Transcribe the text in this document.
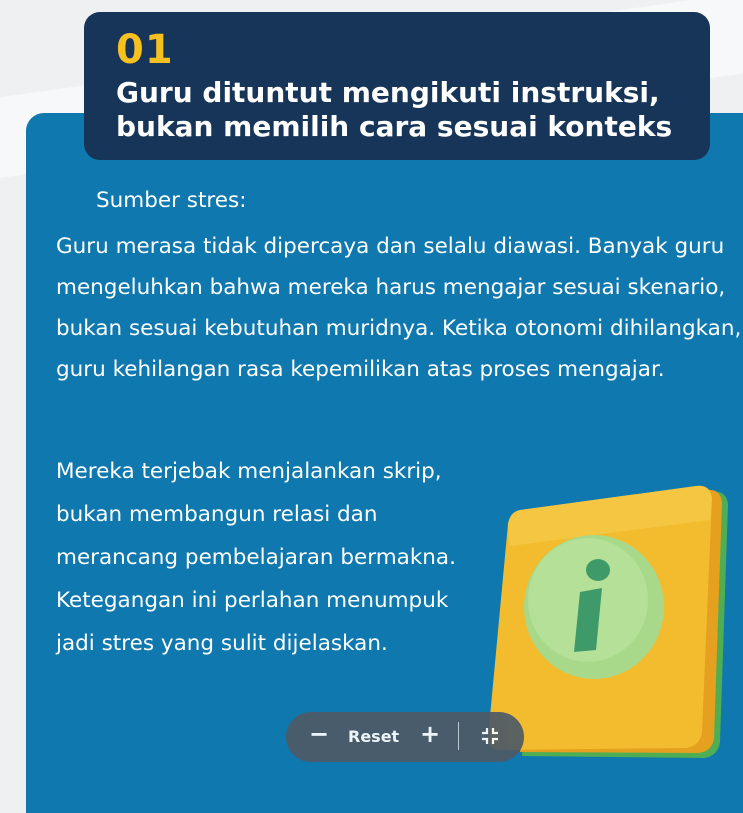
01
Guru dituntut mengikuti instruksi,
bukan memilih cara sesuai konteks
Sumber stres:
Guru merasa tidak dipercaya dan selalu diawasi. Banyak guru mengeluhkan bahwa mereka harus mengajar sesuai skenario, bukan sesuai kebutuhan muridnya. Ketika otonomi dihilangkan, guru kehilangan rasa kepemilikan atas proses mengajar.
Mereka terjebak menjalankan skrip, bukan membangun relasi dan merancang pembelajaran bermakna. Ketegangan ini perlahan menumpuk jadi stres yang sulit dijelaskan.
− Reset +
